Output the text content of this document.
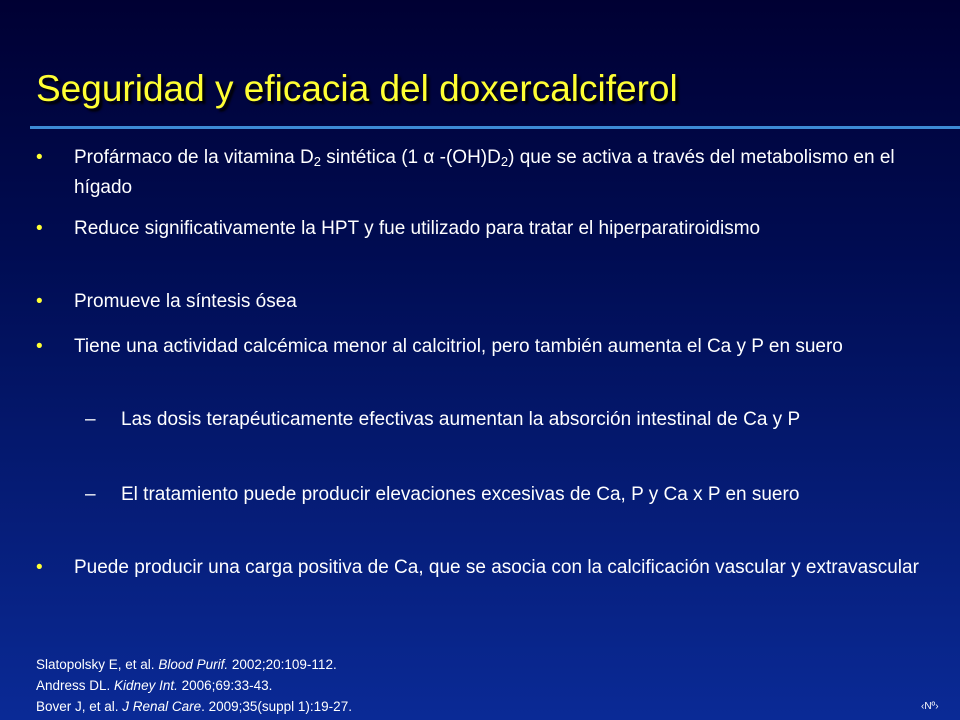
Seguridad y eficacia del doxercalciferol
• Profármaco de la vitamina $D_2$ sintética (1 α $-(OH)D_2$) que se activa a través del metabolismo en el hígado
• Reduce significativamente la HPT y fue utilizado para tratar el hiperparatiroidismo
• Promueve la síntesis ósea
• Tiene una actividad calcémica menor al calcitriol, pero también aumenta el Ca y P en suero
– Las dosis terapéuticamente efectivas aumentan la absorción intestinal de Ca y P
– El tratamiento puede producir elevaciones excesivas de Ca, P y Ca x P en suero
• Puede producir una carga positiva de Ca, que se asocia con la calcificación vascular y extravascular
Slatopolsky E, et al. Blood Purif. 2002;20:109-112.
Andress DL. Kidney Int. 2006;69:33-43.
Bover J, et al. J Renal Care. 2009;35(suppl 1):19-27.	‹Nº›
